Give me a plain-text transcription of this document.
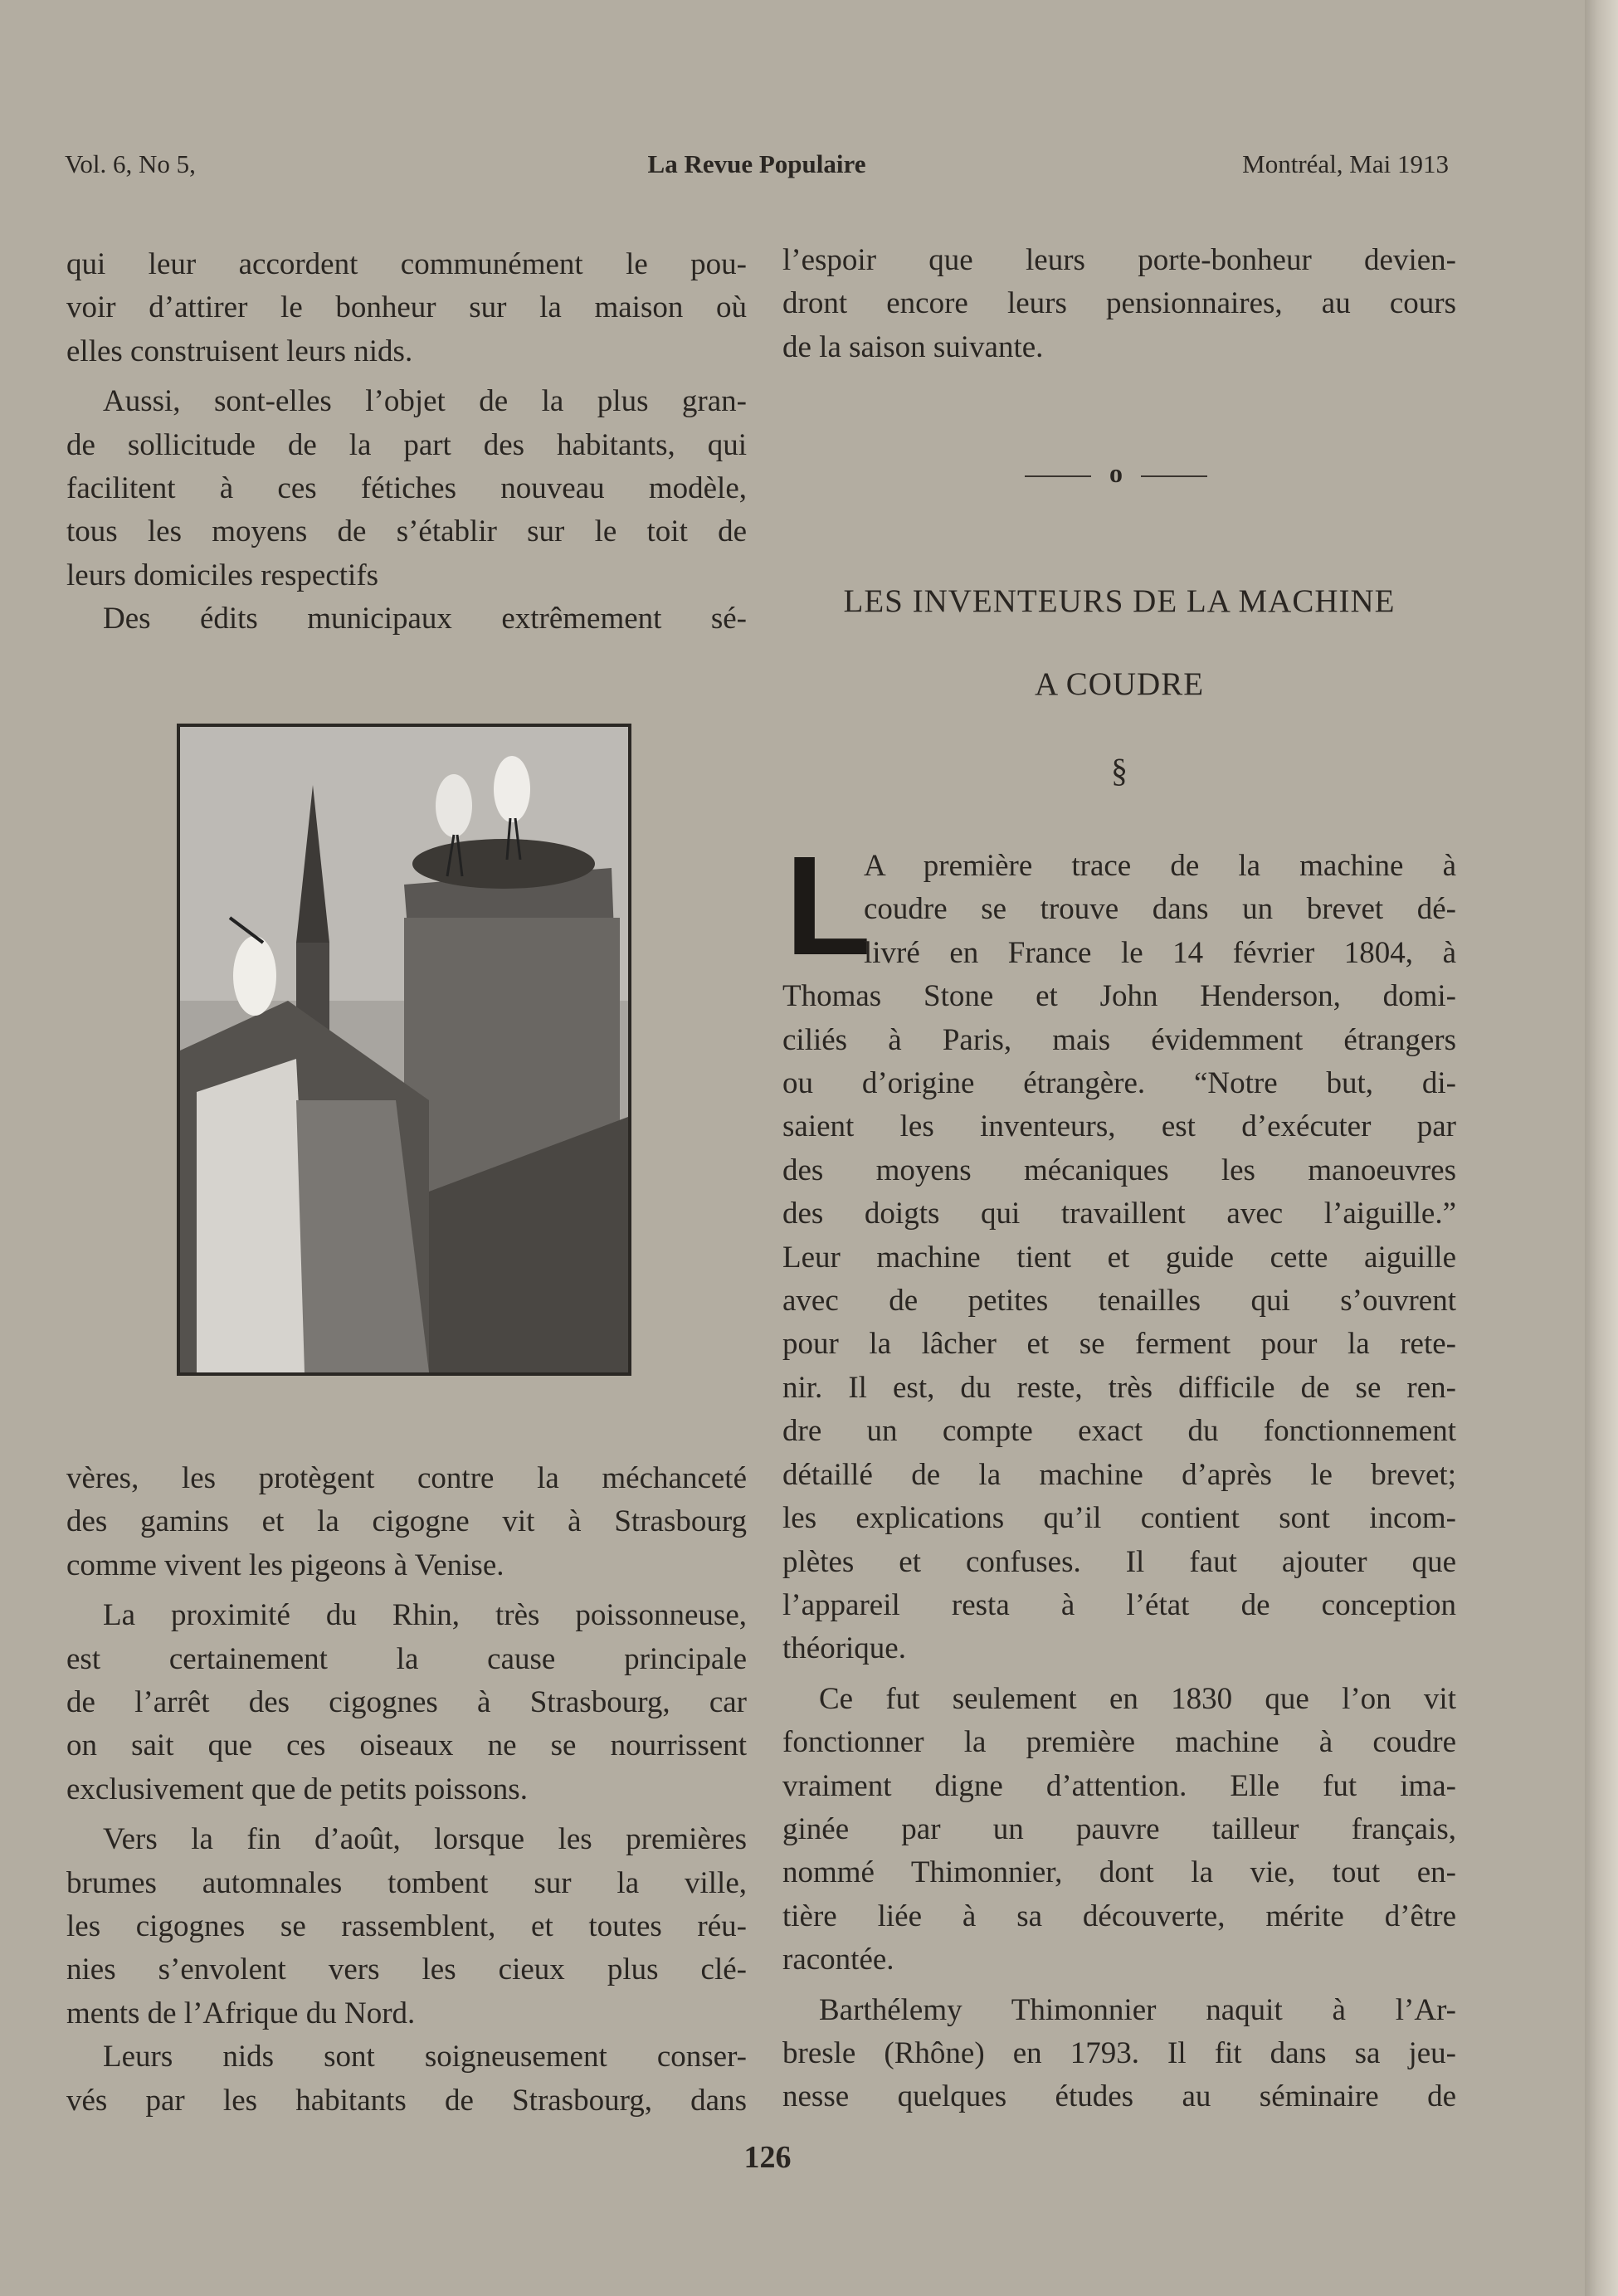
Vol. 6, No 5,	La Revue Populaire	Montréal, Mai 1913
qui leur accordent communément le pou-
voir d’attirer le bonheur sur la maison où
elles construisent leurs nids.
Aussi, sont-elles l’objet de la plus gran-
de sollicitude de la part des habitants, qui
facilitent à ces fétiches nouveau modèle,
tous les moyens de s’établir sur le toit de
leurs domiciles respectifs
Des édits municipaux extrêmement sé-
vères, les protègent contre la méchanceté
des gamins et la cigogne vit à Strasbourg
comme vivent les pigeons à Venise.
La proximité du Rhin, très poissonneuse,
est certainement la cause principale
de l’arrêt des cigognes à Strasbourg, car
on sait que ces oiseaux ne se nourrissent
exclusivement que de petits poissons.
Vers la fin d’août, lorsque les premières
brumes automnales tombent sur la ville,
les cigognes se rassemblent, et toutes réu-
nies s’envolent vers les cieux plus clé-
ments de l’Afrique du Nord.
Leurs nids sont soigneusement conser-
vés par les habitants de Strasbourg, dans
l’espoir que leurs porte-bonheur devien-
dront encore leurs pensionnaires, au cours
de la saison suivante.
o
LES INVENTEURS DE LA MACHINE
A COUDRE
§
L
A première trace de la machine à
coudre se trouve dans un brevet dé-
livré en France le 14 février 1804, à
Thomas Stone et John Henderson, domi-
ciliés à Paris, mais évidemment étrangers
ou d’origine étrangère. “Notre but, di-
saient les inventeurs, est d’exécuter par
des moyens mécaniques les manoeuvres
des doigts qui travaillent avec l’aiguille.”
Leur machine tient et guide cette aiguille
avec de petites tenailles qui s’ouvrent
pour la lâcher et se ferment pour la rete-
nir. Il est, du reste, très difficile de se ren-
dre un compte exact du fonctionnement
détaillé de la machine d’après le brevet;
les explications qu’il contient sont incom-
plètes et confuses. Il faut ajouter que
l’appareil resta à l’état de conception
théorique.
Ce fut seulement en 1830 que l’on vit
fonctionner la première machine à coudre
vraiment digne d’attention. Elle fut ima-
ginée par un pauvre tailleur français,
nommé Thimonnier, dont la vie, tout en-
tière liée à sa découverte, mérite d’être
racontée.
Barthélemy Thimonnier naquit à l’Ar-
bresle (Rhône) en 1793. Il fit dans sa jeu-
nesse quelques études au séminaire de
126
